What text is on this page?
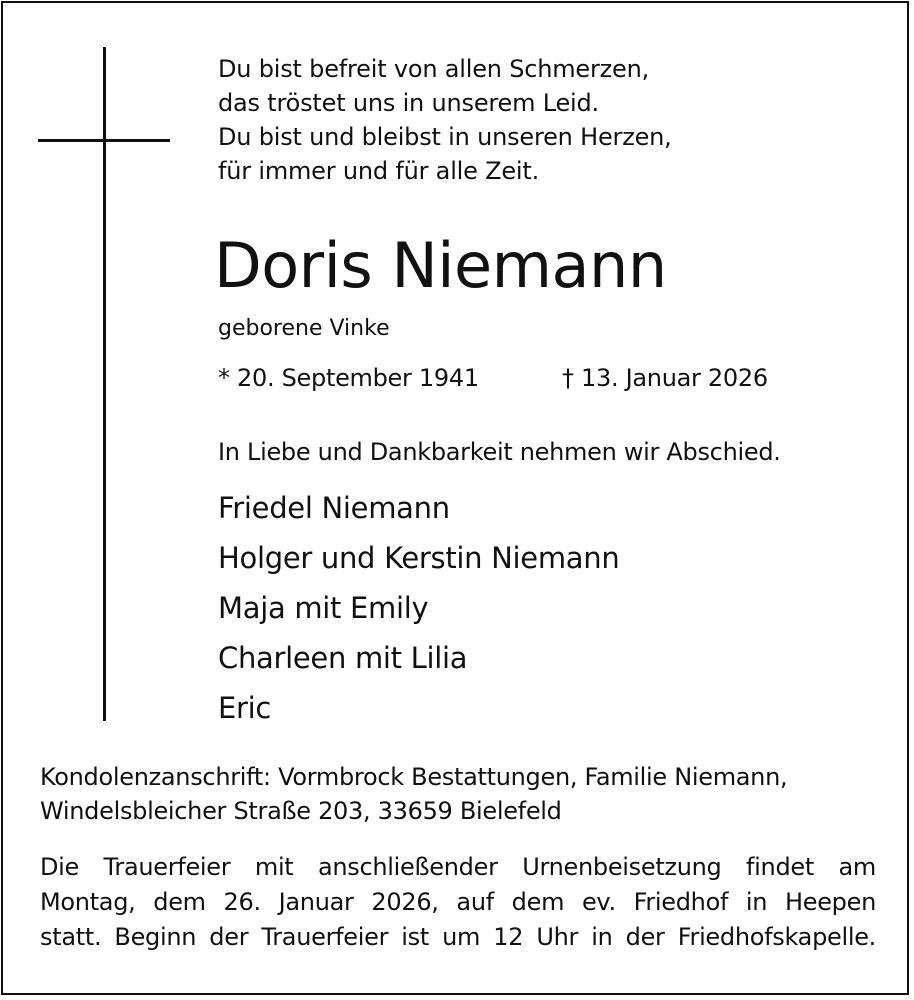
Du bist befreit von allen Schmerzen,
das tröstet uns in unserem Leid.
Du bist und bleibst in unseren Herzen,
für immer und für alle Zeit.
Doris Niemann
geborene Vinke
* 20. September 1941	† 13. Januar 2026
In Liebe und Dankbarkeit nehmen wir Abschied.
Friedel Niemann
Holger und Kerstin Niemann
Maja mit Emily
Charleen mit Lilia
Eric
Kondolenzanschrift: Vormbrock Bestattungen, Familie Niemann,
Windelsbleicher Straße 203, 33659 Bielefeld
Die Trauerfeier mit anschließender Urnenbeisetzung findet am
Montag, dem 26. Januar 2026, auf dem ev. Friedhof in Heepen
statt. Beginn der Trauerfeier ist um 12 Uhr in der Friedhofskapelle.
